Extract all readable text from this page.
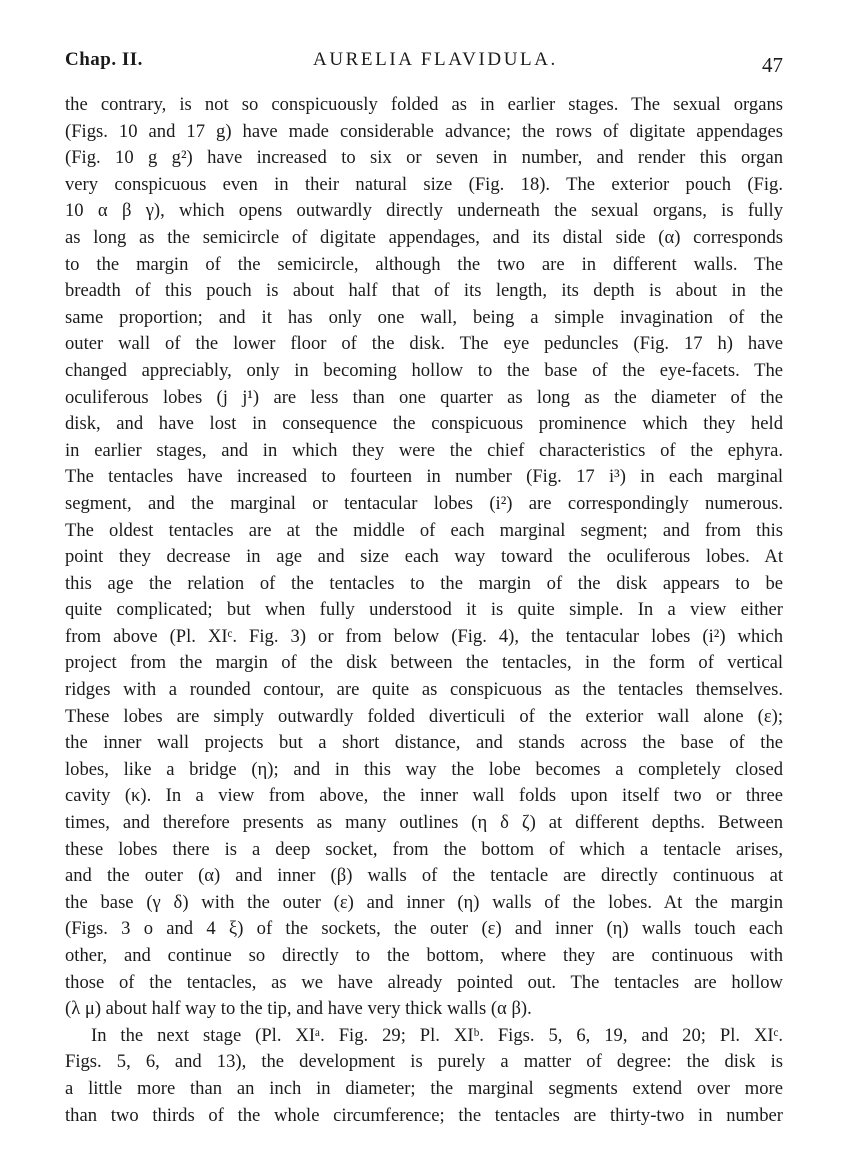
Chap. II.	AURELIA FLAVIDULA.	47
the contrary, is not so conspicuously folded as in earlier stages. The sexual organs
(Figs. 10 and 17 g) have made considerable advance; the rows of digitate appendages
(Fig. 10 g g²) have increased to six or seven in number, and render this organ
very conspicuous even in their natural size (Fig. 18). The exterior pouch (Fig.
10 α β γ), which opens outwardly directly underneath the sexual organs, is fully
as long as the semicircle of digitate appendages, and its distal side (α) corresponds
to the margin of the semicircle, although the two are in different walls. The
breadth of this pouch is about half that of its length, its depth is about in the
same proportion; and it has only one wall, being a simple invagination of the
outer wall of the lower floor of the disk. The eye peduncles (Fig. 17 h) have
changed appreciably, only in becoming hollow to the base of the eye-facets. The
oculiferous lobes (j j¹) are less than one quarter as long as the diameter of the
disk, and have lost in consequence the conspicuous prominence which they held
in earlier stages, and in which they were the chief characteristics of the ephyra.
The tentacles have increased to fourteen in number (Fig. 17 i³) in each marginal
segment, and the marginal or tentacular lobes (i²) are correspondingly numerous.
The oldest tentacles are at the middle of each marginal segment; and from this
point they decrease in age and size each way toward the oculiferous lobes. At
this age the relation of the tentacles to the margin of the disk appears to be
quite complicated; but when fully understood it is quite simple. In a view either
from above (Pl. XIᶜ. Fig. 3) or from below (Fig. 4), the tentacular lobes (i²) which
project from the margin of the disk between the tentacles, in the form of vertical
ridges with a rounded contour, are quite as conspicuous as the tentacles themselves.
These lobes are simply outwardly folded diverticuli of the exterior wall alone (ε);
the inner wall projects but a short distance, and stands across the base of the
lobes, like a bridge (η); and in this way the lobe becomes a completely closed
cavity (κ). In a view from above, the inner wall folds upon itself two or three
times, and therefore presents as many outlines (η δ ζ) at different depths. Between
these lobes there is a deep socket, from the bottom of which a tentacle arises,
and the outer (α) and inner (β) walls of the tentacle are directly continuous at
the base (γ δ) with the outer (ε) and inner (η) walls of the lobes. At the margin
(Figs. 3 o and 4 ξ) of the sockets, the outer (ε) and inner (η) walls touch each
other, and continue so directly to the bottom, where they are continuous with
those of the tentacles, as we have already pointed out. The tentacles are hollow
(λ μ) about half way to the tip, and have very thick walls (α β).
In the next stage (Pl. XIᵃ. Fig. 29; Pl. XIᵇ. Figs. 5, 6, 19, and 20; Pl. XIᶜ.
Figs. 5, 6, and 13), the development is purely a matter of degree: the disk is
a little more than an inch in diameter; the marginal segments extend over more
than two thirds of the whole circumference; the tentacles are thirty-two in number
